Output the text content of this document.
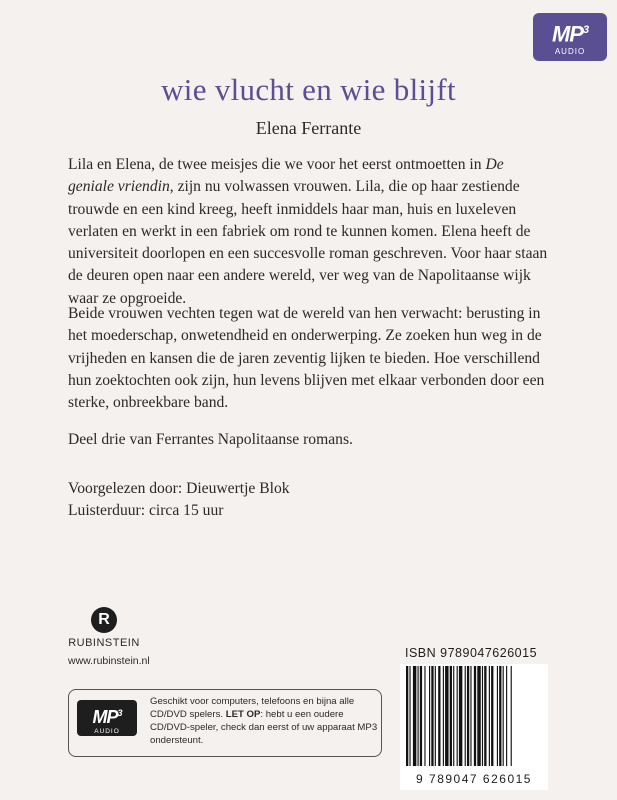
$MP^3$
AUDIO
wie vlucht en wie blijft
Elena Ferrante

Lila en Elena, de twee meisjes die we voor het eerst ontmoetten in De geniale vriendin, zijn nu volwassen vrouwen. Lila, die op haar zestiende trouwde en een kind kreeg, heeft inmiddels haar man, huis en luxeleven verlaten en werkt in een fabriek om rond te kunnen komen. Elena heeft de universiteit doorlopen en een succesvolle roman geschreven. Voor haar staan de deuren open naar een andere wereld, ver weg van de Napolitaanse wijk waar ze opgroeide.

Beide vrouwen vechten tegen wat de wereld van hen verwacht: berusting in het moederschap, onwetendheid en onderwerping. Ze zoeken hun weg in de vrijheden en kansen die de jaren zeventig lijken te bieden. Hoe verschillend hun zoektochten ook zijn, hun levens blijven met elkaar verbonden door een sterke, onbreekbare band.

Deel drie van Ferrantes Napolitaanse romans.

Voorgelezen door: Dieuwertje Blok

Luisterduur: circa 15 uur

R
RUBINSTEIN
www.rubinstein.nl
$MP^3$
AUDIO
Geschikt voor computers, telefoons en bijna alle CD/DVD spelers. LET OP: hebt u een oudere CD/DVD-speler, check dan eerst of uw apparaat MP3 ondersteunt.
ISBN 9789047626015
9 789047 626015
